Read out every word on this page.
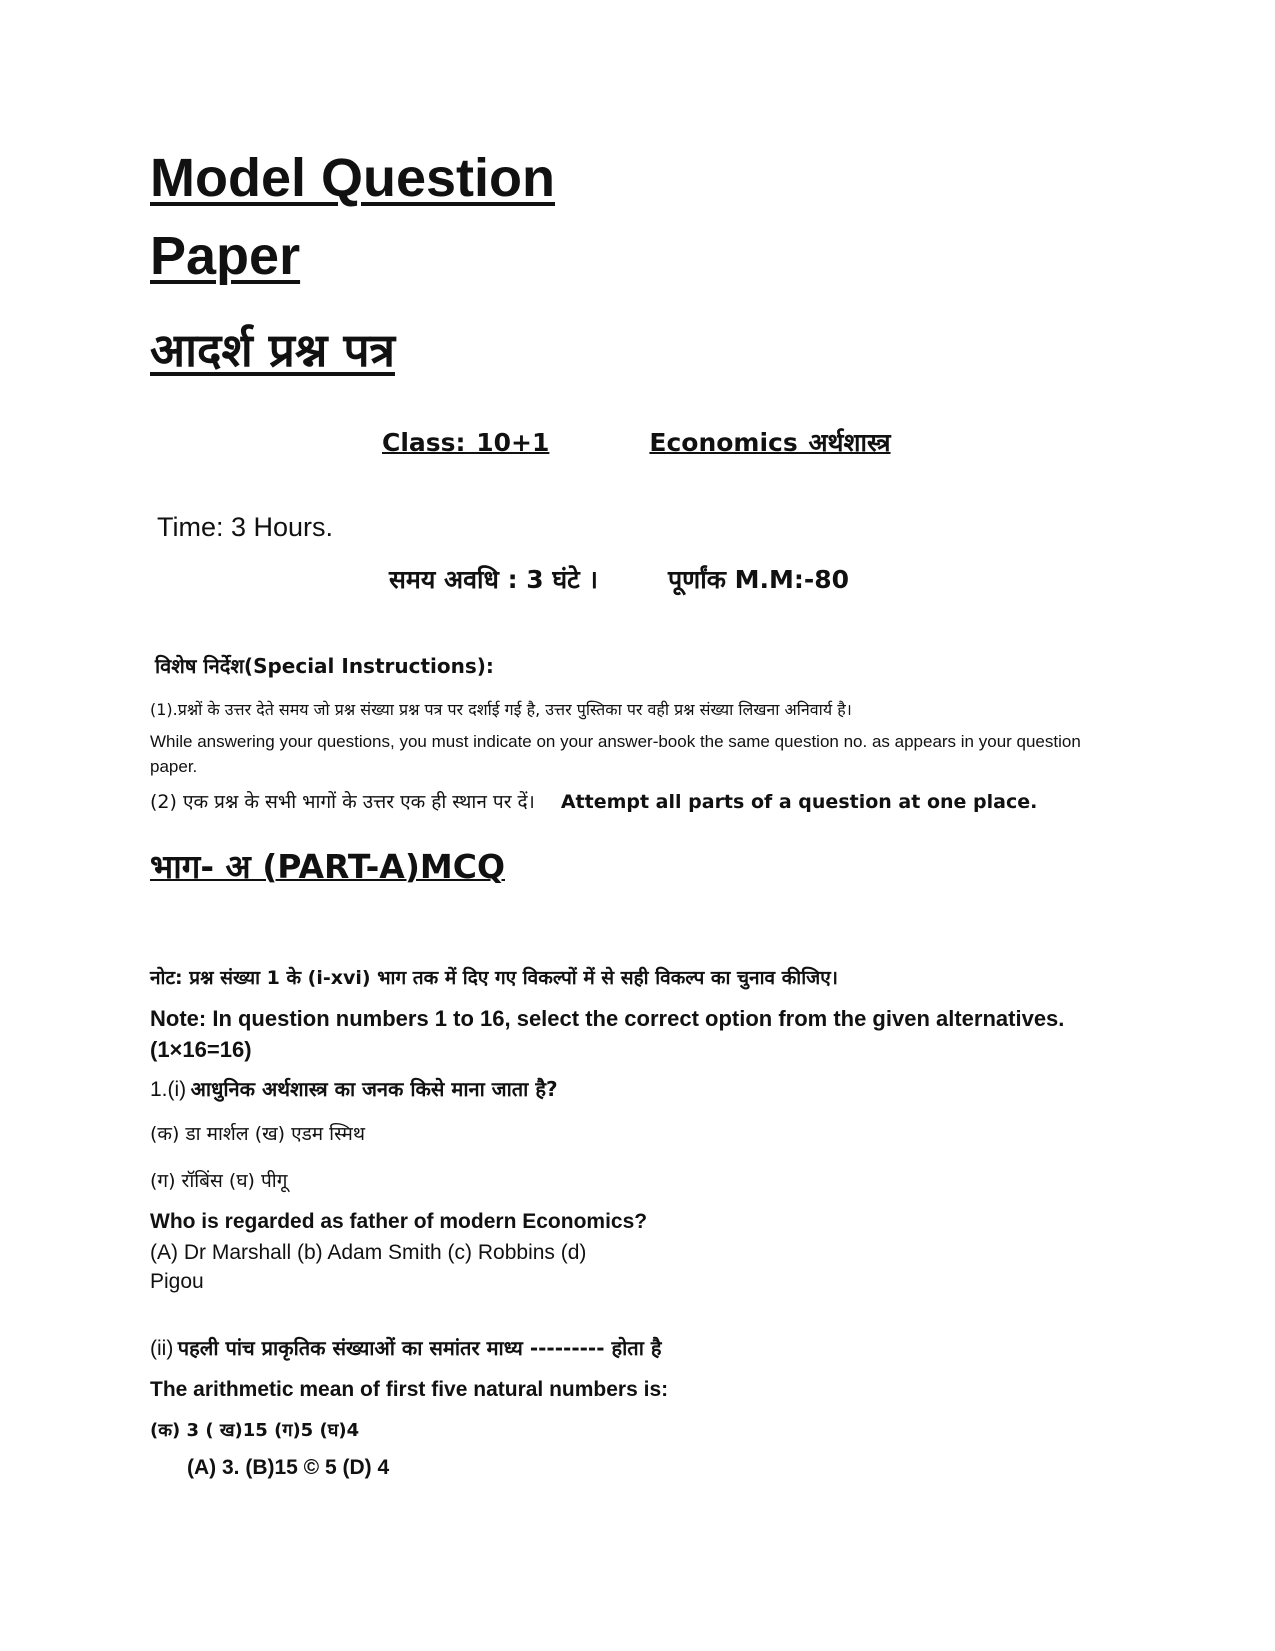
Model Question
Paper
आदर्श प्रश्न पत्र
Class: 10+1	Economics अर्थशास्त्र
Time: 3 Hours.
समय अवधि : 3 घंटे ।	पूर्णांक M.M:-80
विशेष निर्देश(Special Instructions):
(1).प्रश्नों के उत्तर देते समय जो प्रश्न संख्या प्रश्न पत्र पर दर्शाई गई है, उत्तर पुस्तिका पर वही प्रश्न संख्या लिखना अनिवार्य है।
While answering your questions, you must indicate on your answer-book the same question no. as appears in your question paper.
(2) एक प्रश्न के सभी भागों के उत्तर एक ही स्थान पर दें। Attempt all parts of a question at one place.
भाग- अ (PART-A)MCQ
नोट: प्रश्न संख्या 1 के (i-xvi) भाग तक में दिए गए विकल्पों में से सही विकल्प का चुनाव कीजिए।
Note: In question numbers 1 to 16, select the correct option from the given alternatives. (1×16=16)
1.(i) आधुनिक अर्थशास्त्र का जनक किसे माना जाता है?
(क) डा मार्शल (ख) एडम स्मिथ
(ग) रॉबिंस (घ) पीगू
Who is regarded as father of modern Economics?
(A) Dr Marshall (b) Adam Smith (c) Robbins (d)
Pigou
(ii) पहली पांच प्राकृतिक संख्याओं का समांतर माध्य --------- होता है
The arithmetic mean of first five natural numbers is:
(क) 3 ( ख)15 (ग)5 (घ)4
(A) 3. (B)15 © 5 (D) 4
